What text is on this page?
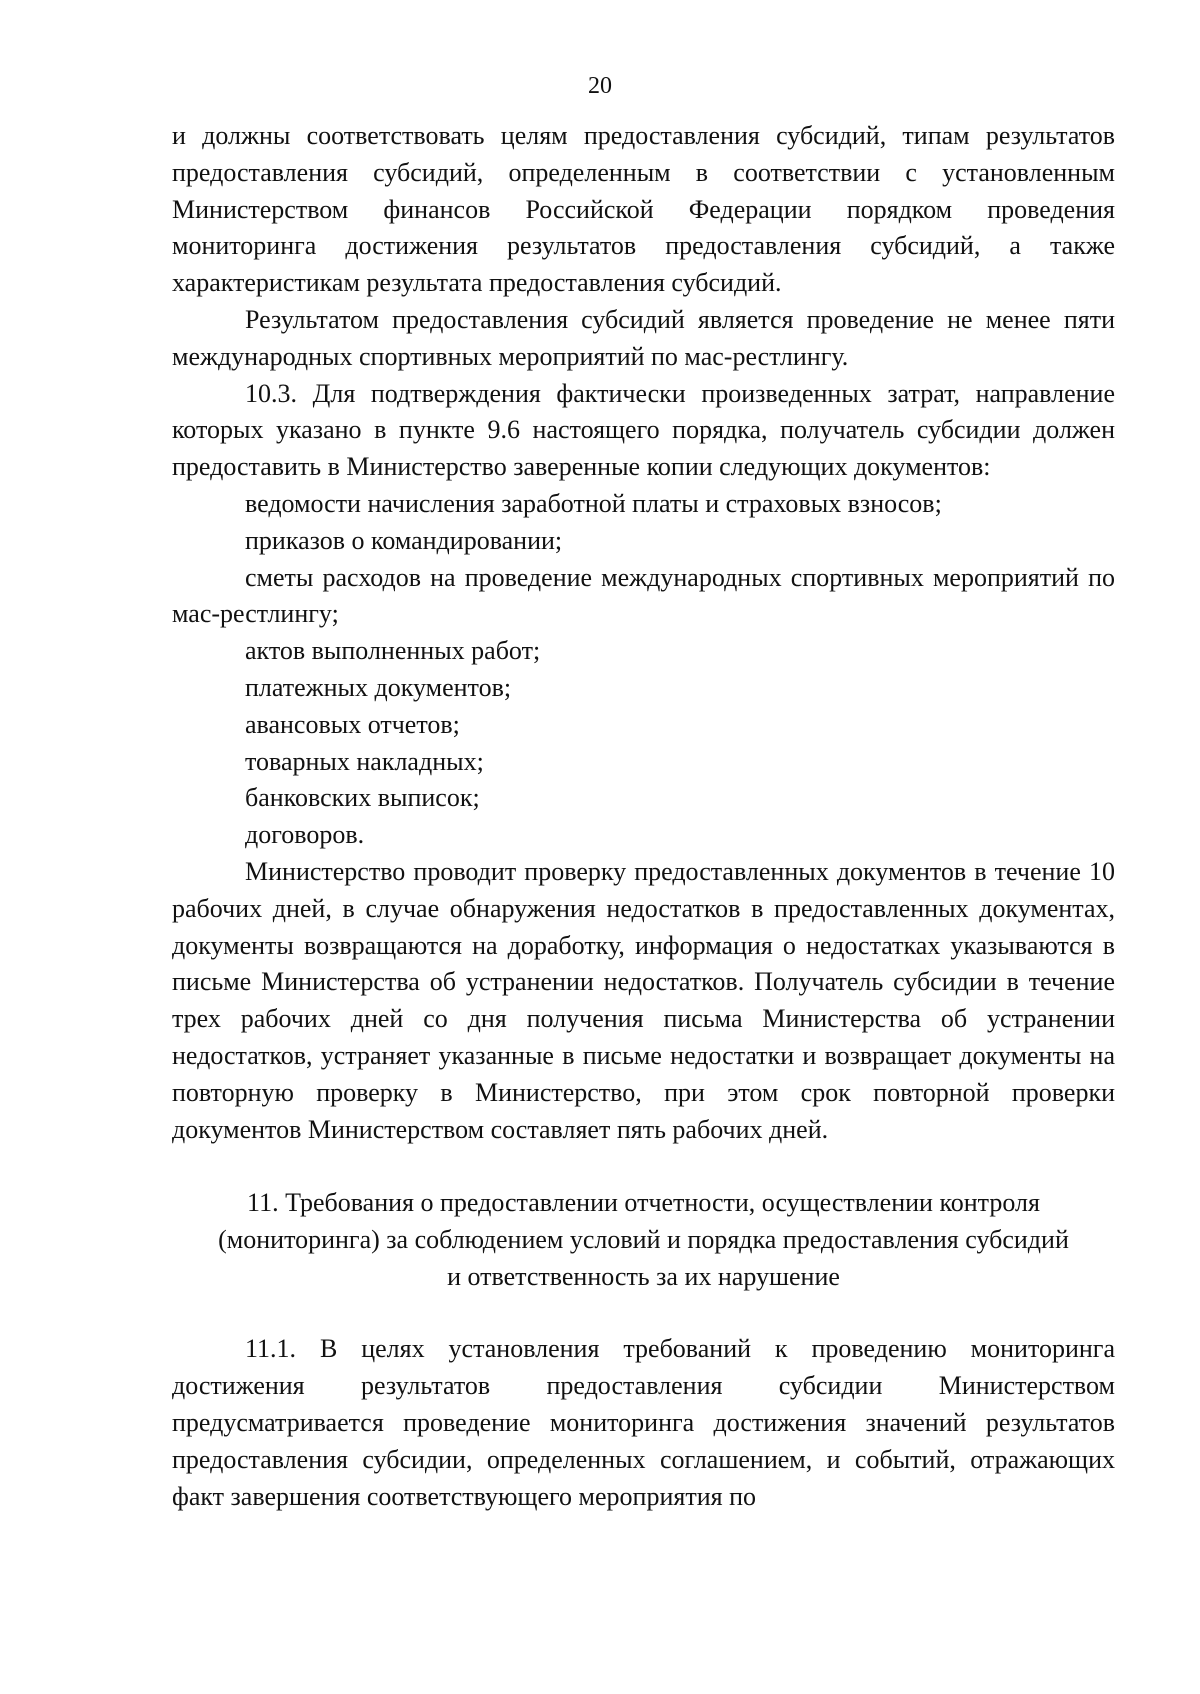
20

и должны соответствовать целям предоставления субсидий, типам результатов предоставления субсидий, определенным в соответствии с установленным Министерством финансов Российской Федерации порядком проведения мониторинга достижения результатов предоставления субсидий, а также характеристикам результата предоставления субсидий.

Результатом предоставления субсидий является проведение не менее пяти международных спортивных мероприятий по мас-рестлингу.

10.3. Для подтверждения фактически произведенных затрат, направление которых указано в пункте 9.6 настоящего порядка, получатель субсидии должен предоставить в Министерство заверенные копии следующих документов:

ведомости начисления заработной платы и страховых взносов;

приказов о командировании;

сметы расходов на проведение международных спортивных мероприятий по мас-рестлингу;

актов выполненных работ;

платежных документов;

авансовых отчетов;

товарных накладных;

банковских выписок;

договоров.

Министерство проводит проверку предоставленных документов в течение 10 рабочих дней, в случае обнаружения недостатков в предоставленных документах, документы возвращаются на доработку, информация о недостатках указываются в письме Министерства об устранении недостатков. Получатель субсидии в течение трех рабочих дней со дня получения письма Министерства об устранении недостатков, устраняет указанные в письме недостатки и возвращает документы на повторную проверку в Министерство, при этом срок повторной проверки документов Министерством составляет пять рабочих дней.

11. Требования о предоставлении отчетности, осуществлении контроля
(мониторинга) за соблюдением условий и порядка предоставления субсидий
и ответственность за их нарушение

11.1. В целях установления требований к проведению мониторинга достижения результатов предоставления субсидии Министерством предусматривается проведение мониторинга достижения значений результатов предоставления субсидии, определенных соглашением, и событий, отражающих факт завершения соответствующего мероприятия по
